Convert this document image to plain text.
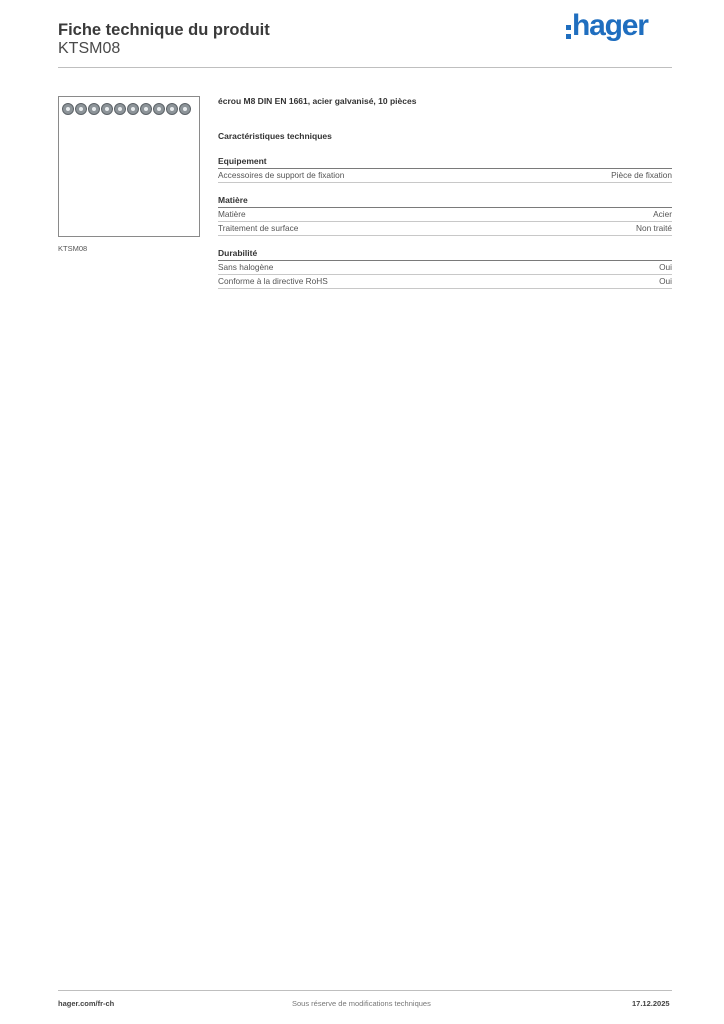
Fiche technique du produit
KTSM08
hager
KTSM08
écrou M8 DIN EN 1661, acier galvanisé, 10 pièces
Caractéristiques techniques
Equipement
Accessoires de support de fixation	Pièce de fixation
Matière
Matière	Acier
Traitement de surface	Non traité
Durabilité
Sans halogène	Oui
Conforme à la directive RoHS	Oui
hager.com/fr-ch	Sous réserve de modifications techniques	17.12.2025
